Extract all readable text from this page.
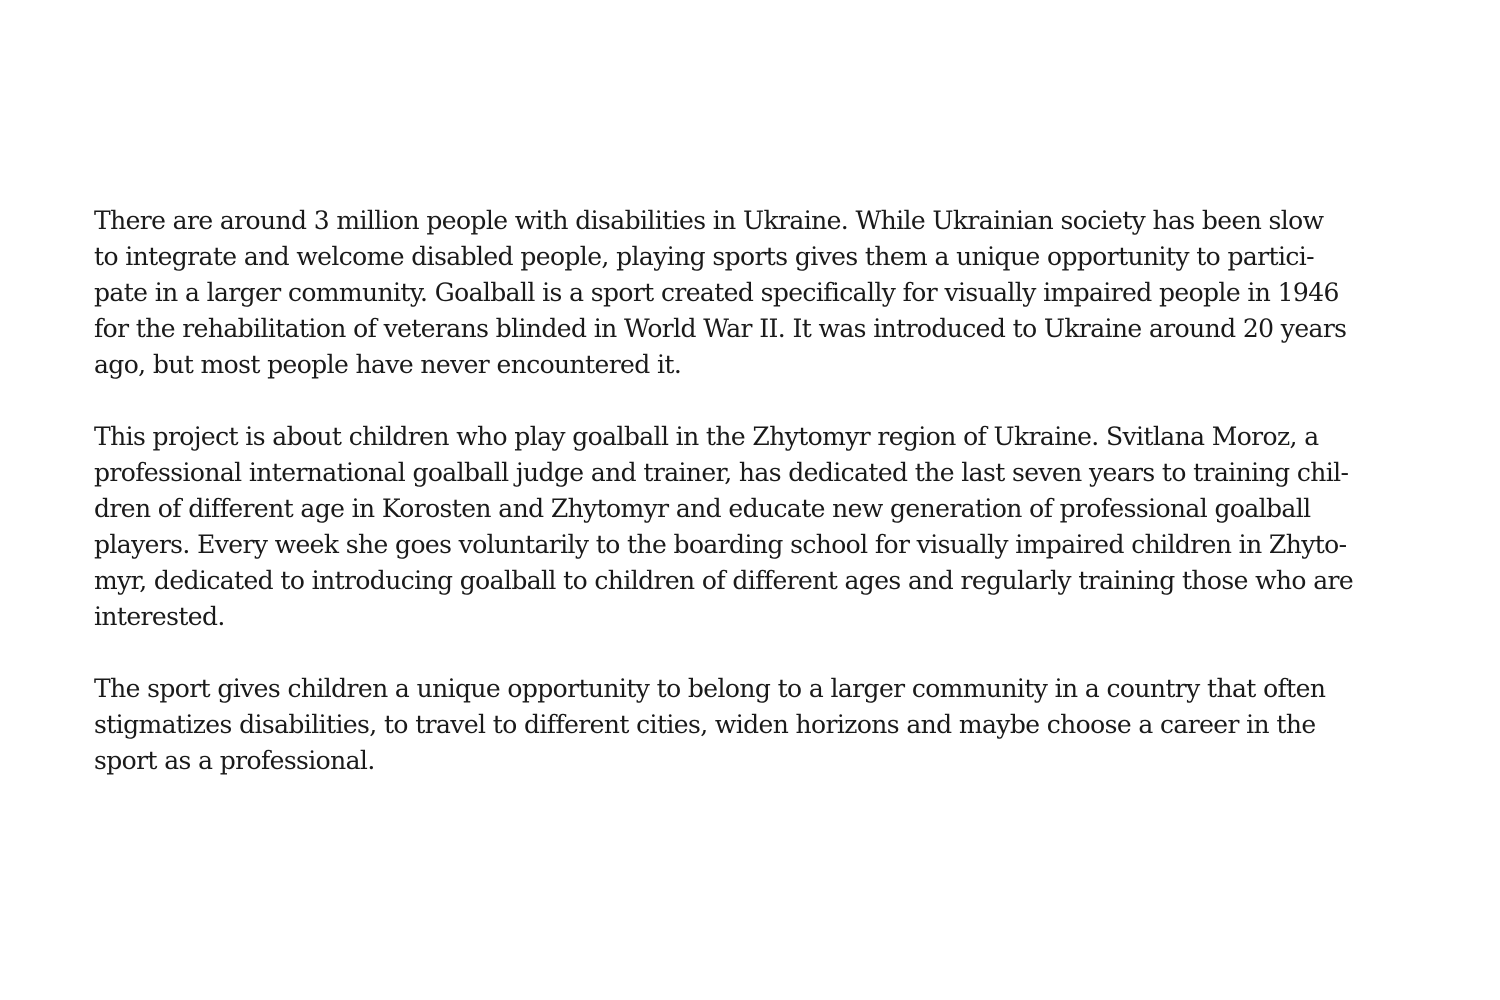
There are around 3 million people with disabilities in Ukraine. While Ukrainian society has been slow
to integrate and welcome disabled people, playing sports gives them a unique opportunity to partici-
pate in a larger community. Goalball is a sport created specifically for visually impaired people in 1946
for the rehabilitation of veterans blinded in World War II. It was introduced to Ukraine around 20 years
ago, but most people have never encountered it.

This project is about children who play goalball in the Zhytomyr region of Ukraine. Svitlana Moroz, a
professional international goalball judge and trainer, has dedicated the last seven years to training chil-
dren of different age in Korosten and Zhytomyr and educate new generation of professional goalball
players. Every week she goes voluntarily to the boarding school for visually impaired children in Zhyto-
myr, dedicated to introducing goalball to children of different ages and regularly training those who are
interested.

The sport gives children a unique opportunity to belong to a larger community in a country that often
stigmatizes disabilities, to travel to different cities, widen horizons and maybe choose a career in the
sport as a professional.
